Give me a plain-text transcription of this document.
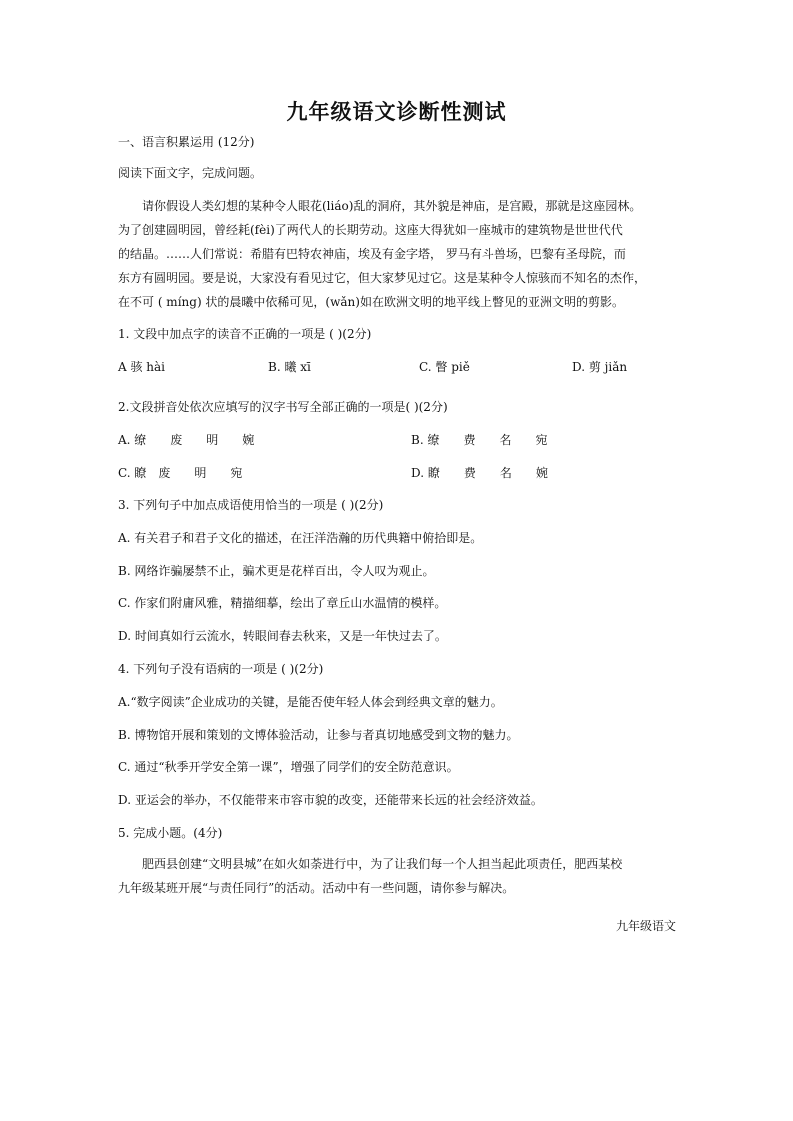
九年级语文诊断性测试
一、语言积累运用 (12分)
阅读下面文字，完成问题。
　　请你假设人类幻想的某种令人眼花(liáo)乱的洞府，其外貌是神庙，是宫殿，那就是这座园林。
为了创建圆明园，曾经耗(fèi)了两代人的长期劳动。这座大得犹如一座城市的建筑物是世世代代
的结晶。……人们常说：希腊有巴特农神庙，埃及有金字塔， 罗马有斗兽场，巴黎有圣母院，而
东方有圆明园。要是说，大家没有看见过它，但大家梦见过它。这是某种令人惊骇而不知名的杰作，
在不可 ( míng) 状的晨曦中依稀可见，(wǎn)如在欧洲文明的地平线上瞥见的亚洲文明的剪影。
1. 文段中加点字的读音不正确的一项是 ( )(2分)
A 骇 hài	B. 曦 xī	C. 瞥 piě	D. 剪 jiǎn
2.文段拼音处依次应填写的汉字书写全部正确的一项是( )(2分)
A. 缭　　废　　明　　婉	B. 缭　　费　　名　　宛
C. 瞭　废　　明　　宛	D. 瞭　　费　　名　　婉
3. 下列句子中加点成语使用恰当的一项是 ( )(2分)
A. 有关君子和君子文化的描述，在汪洋浩瀚的历代典籍中俯拾即是。
B. 网络诈骗屡禁不止，骗术更是花样百出，令人叹为观止。
C. 作家们附庸风雅，精描细摹，绘出了章丘山水温情的模样。
D. 时间真如行云流水，转眼间春去秋来，又是一年快过去了。
4. 下列句子没有语病的一项是 ( )(2分)
A.“数字阅读”企业成功的关键，是能否使年轻人体会到经典文章的魅力。
B. 博物馆开展和策划的文博体验活动，让参与者真切地感受到文物的魅力。
C. 通过“秋季开学安全第一课”，增强了同学们的安全防范意识。
D. 亚运会的举办，不仅能带来市容市貌的改变，还能带来长远的社会经济效益。
5. 完成小题。(4分)
　　肥西县创建“文明县城”在如火如荼进行中，为了让我们每一个人担当起此项责任，肥西某校
九年级某班开展“与责任同行”的活动。活动中有一些问题，请你参与解决。
九年级语文
